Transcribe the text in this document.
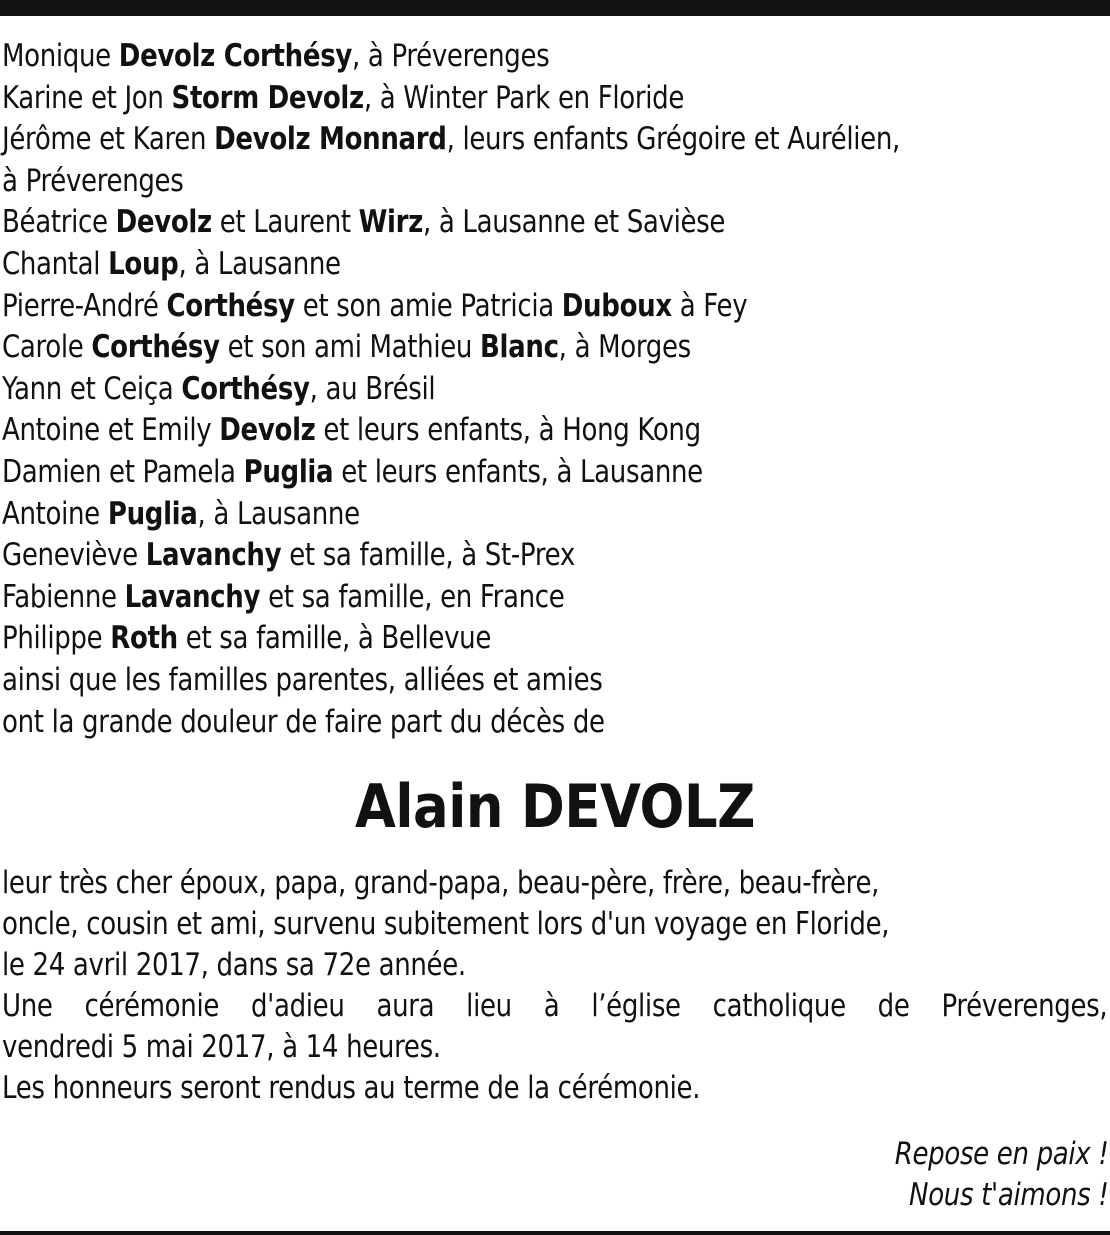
Monique Devolz Corthésy, à Préverenges
Karine et Jon Storm Devolz, à Winter Park en Floride
Jérôme et Karen Devolz Monnard, leurs enfants Grégoire et Aurélien,
à Préverenges
Béatrice Devolz et Laurent Wirz, à Lausanne et Savièse
Chantal Loup, à Lausanne
Pierre-André Corthésy et son amie Patricia Duboux à Fey
Carole Corthésy et son ami Mathieu Blanc, à Morges
Yann et Ceiça Corthésy, au Brésil
Antoine et Emily Devolz et leurs enfants, à Hong Kong
Damien et Pamela Puglia et leurs enfants, à Lausanne
Antoine Puglia, à Lausanne
Geneviève Lavanchy et sa famille, à St-Prex
Fabienne Lavanchy et sa famille, en France
Philippe Roth et sa famille, à Bellevue
ainsi que les familles parentes, alliées et amies
ont la grande douleur de faire part du décès de
Alain DEVOLZ
leur très cher époux, papa, grand-papa, beau-père, frère, beau-frère,
oncle, cousin et ami, survenu subitement lors d'un voyage en Floride,
le 24 avril 2017, dans sa 72e année.
Une cérémonie d'adieu aura lieu à l’église catholique de Préverenges,
vendredi 5 mai 2017, à 14 heures.
Les honneurs seront rendus au terme de la cérémonie.
Repose en paix !
Nous t'aimons !
